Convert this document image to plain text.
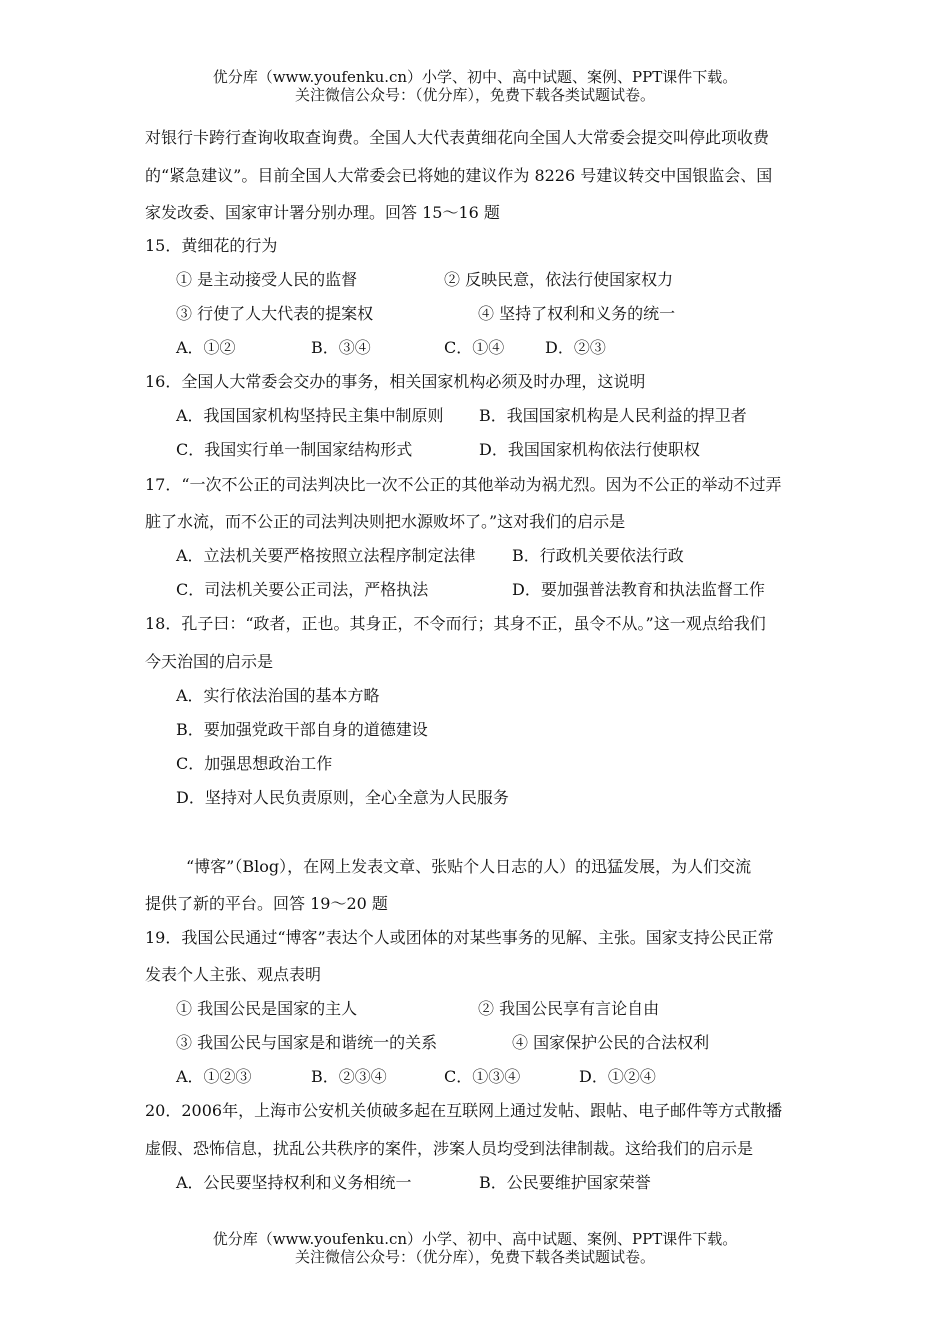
优分库（www.youfenku.cn）小学、初中、高中试题、案例、PPT课件下载。
关注微信公众号：（优分库），免费下载各类试题试卷。
对银行卡跨行查询收取查询费。全国人大代表黄细花向全国人大常委会提交叫停此项收费
的“紧急建议”。目前全国人大常委会已将她的建议作为 8226 号建议转交中国银监会、国
家发改委、国家审计署分别办理。回答 15～16 题
15．黄细花的行为
① 是主动接受人民的监督	② 反映民意，依法行使国家权力
③ 行使了人大代表的提案权	④ 坚持了权利和义务的统一
A．①②	B．③④	C．①④	D．②③
16．全国人大常委会交办的事务，相关国家机构必须及时办理，这说明
A．我国国家机构坚持民主集中制原则 B．我国国家机构是人民利益的捍卫者
C．我国实行单一制国家结构形式	D．我国国家机构依法行使职权
17．“一次不公正的司法判决比一次不公正的其他举动为祸尤烈。因为不公正的举动不过弄
脏了水流，而不公正的司法判决则把水源败坏了。”这对我们的启示是
A．立法机关要严格按照立法程序制定法律 B．行政机关要依法行政
C．司法机关要公正司法，严格执法	D．要加强普法教育和执法监督工作
18．孔子曰：“政者，正也。其身正，不令而行；其身不正，虽令不从。”这一观点给我们
今天治国的启示是
A．实行依法治国的基本方略
B．要加强党政干部自身的道德建设
C．加强思想政治工作
D．坚持对人民负责原则，全心全意为人民服务
“博客”（Blog），在网上发表文章、张贴个人日志的人）的迅猛发展，为人们交流
提供了新的平台。回答 19～20 题
19．我国公民通过“博客”表达个人或团体的对某些事务的见解、主张。国家支持公民正常
发表个人主张、观点表明
① 我国公民是国家的主人	② 我国公民享有言论自由
③ 我国公民与国家是和谐统一的关系	④ 国家保护公民的合法权利
A．①②③	B．②③④	C．①③④	D．①②④
20．2006年，上海市公安机关侦破多起在互联网上通过发帖、跟帖、电子邮件等方式散播
虚假、恐怖信息，扰乱公共秩序的案件，涉案人员均受到法律制裁。这给我们的启示是
A．公民要坚持权利和义务相统一	B．公民要维护国家荣誉
优分库（www.youfenku.cn）小学、初中、高中试题、案例、PPT课件下载。
关注微信公众号：（优分库），免费下载各类试题试卷。
